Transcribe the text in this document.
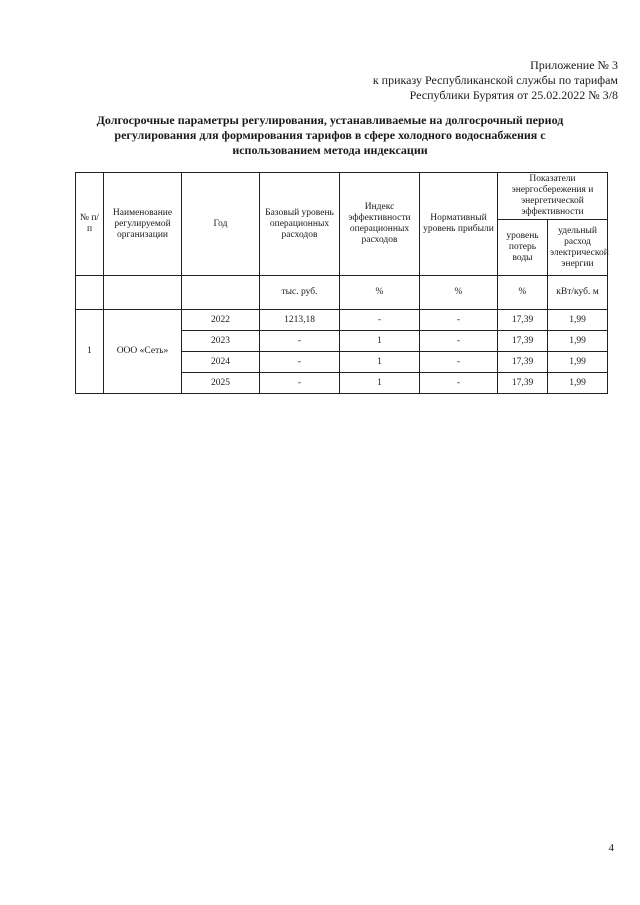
Приложение № 3
к приказу Республиканской службы по тарифам
Республики Бурятия от 25.02.2022 № 3/8
Долгосрочные параметры регулирования, устанавливаемые на долгосрочный период регулирования для формирования тарифов в сфере холодного водоснабжения с использованием метода индексации
№ п/п	Наименование регулируемой организации	Год	Базовый уровень операционных расходов	Индекс эффективности операционных расходов	Нормативный уровень прибыли	Показатели энергосбережения и энергетической эффективности	
						уровень потерь воды	удельный расход электрической энергии
			тыс. руб.	%	%	%	кВт/куб. м
1	ООО «Сеть»	2022	1213,18	-	-	17,39	1,99
		2023	-	1	-	17,39	1,99
		2024	-	1	-	17,39	1,99
		2025	-	1	-	17,39	1,99
4
